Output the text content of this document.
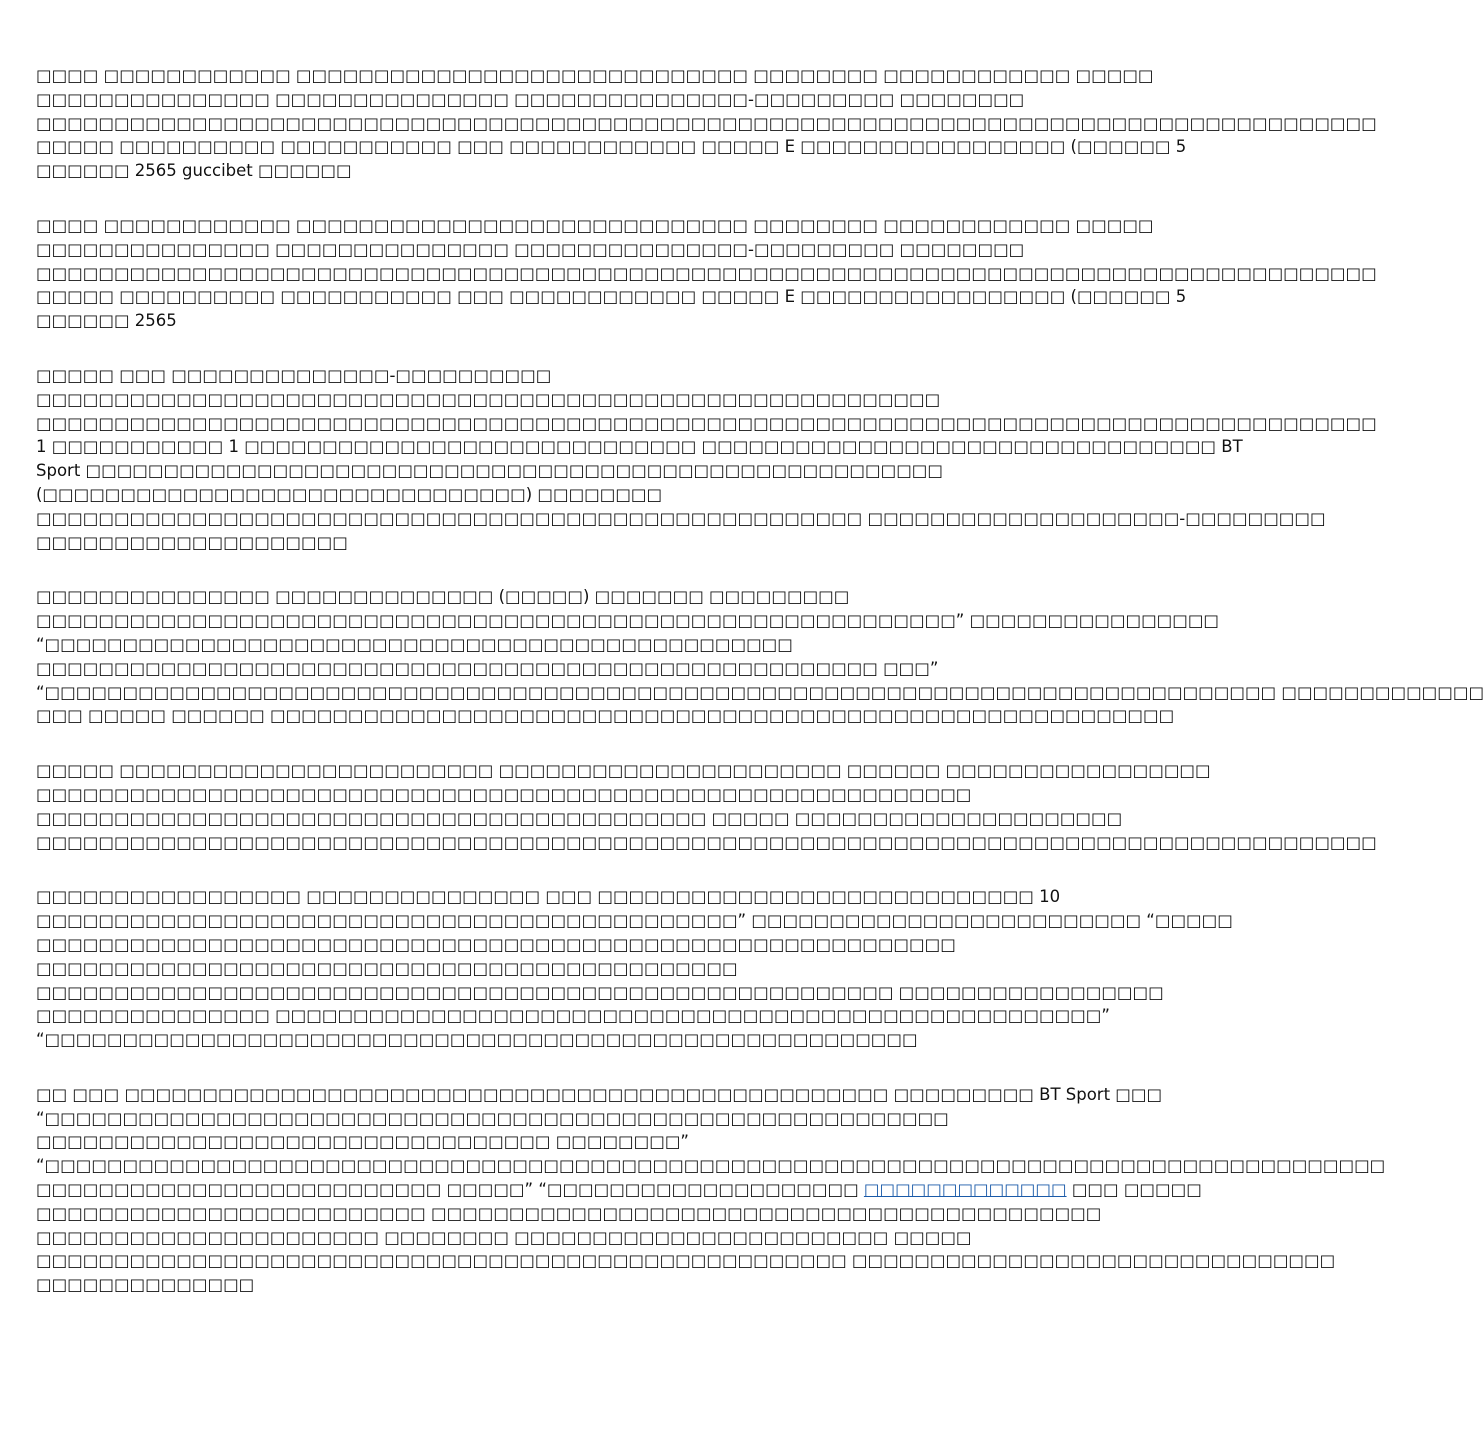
□□□□ □□□□□□□□□□□□ □□□□□□□□□□□□□□□□□□□□□□□□□□□□□ □□□□□□□□ □□□□□□□□□□□□ □□□□□
□□□□□□□□□□□□□□□ □□□□□□□□□□□□□□□ □□□□□□□□□□□□□□□-□□□□□□□□□ □□□□□□□□
□□□□□□□□□□□□□□□□□□□□□□□□□□□□□□□□□□□□□□□□□□□□□□□□□□□□□□□□□□□□□□□□□□□□□□□□□□□□□□□□□□□□□□
□□□□□ □□□□□□□□□□ □□□□□□□□□□□ □□□ □□□□□□□□□□□□ □□□□□ E □□□□□□□□□□□□□□□□□ (□□□□□□ 5
□□□□□□ 2565 guccibet □□□□□□

□□□□ □□□□□□□□□□□□ □□□□□□□□□□□□□□□□□□□□□□□□□□□□□ □□□□□□□□ □□□□□□□□□□□□ □□□□□
□□□□□□□□□□□□□□□ □□□□□□□□□□□□□□□ □□□□□□□□□□□□□□□-□□□□□□□□□ □□□□□□□□
□□□□□□□□□□□□□□□□□□□□□□□□□□□□□□□□□□□□□□□□□□□□□□□□□□□□□□□□□□□□□□□□□□□□□□□□□□□□□□□□□□□□□□
□□□□□ □□□□□□□□□□ □□□□□□□□□□□ □□□ □□□□□□□□□□□□ □□□□□ E □□□□□□□□□□□□□□□□□ (□□□□□□ 5
□□□□□□ 2565

□□□□□ □□□ □□□□□□□□□□□□□□-□□□□□□□□□□
□□□□□□□□□□□□□□□□□□□□□□□□□□□□□□□□□□□□□□□□□□□□□□□□□□□□□□□□□□
□□□□□□□□□□□□□□□□□□□□□□□□□□□□□□□□□□□□□□□□□□□□□□□□□□□□□□□□□□□□□□□□□□□□□□□□□□□□□□□□□□□□□□
1 □□□□□□□□□□□ 1 □□□□□□□□□□□□□□□□□□□□□□□□□□□□□ □□□□□□□□□□□□□□□□□□□□□□□□□□□□□□□□□ BT
Sport □□□□□□□□□□□□□□□□□□□□□□□□□□□□□□□□□□□□□□□□□□□□□□□□□□□□□□□
(□□□□□□□□□□□□□□□□□□□□□□□□□□□□□□□) □□□□□□□□
□□□□□□□□□□□□□□□□□□□□□□□□□□□□□□□□□□□□□□□□□□□□□□□□□□□□□ □□□□□□□□□□□□□□□□□□□□-□□□□□□□□□
□□□□□□□□□□□□□□□□□□□□

□□□□□□□□□□□□□□□ □□□□□□□□□□□□□□ (□□□□□) □□□□□□□ □□□□□□□□□
□□□□□□□□□□□□□□□□□□□□□□□□□□□□□□□□□□□□□□□□□□□□□□□□□□□□□□□□□□□” □□□□□□□□□□□□□□□□
“□□□□□□□□□□□□□□□□□□□□□□□□□□□□□□□□□□□□□□□□□□□□□□□□
□□□□□□□□□□□□□□□□□□□□□□□□□□□□□□□□□□□□□□□□□□□□□□□□□□□□□□ □□□”
“□□□□□□□□□□□□□□□□□□□□□□□□□□□□□□□□□□□□□□□□□□□□□□□□□□□□□□□□□□□□□□□□□□□□□□□□□□□□□□□ □□□□□□□□□□□□□
□□□ □□□□□ □□□□□□ □□□□□□□□□□□□□□□□□□□□□□□□□□□□□□□□□□□□□□□□□□□□□□□□□□□□□□□□□□

□□□□□ □□□□□□□□□□□□□□□□□□□□□□□□ □□□□□□□□□□□□□□□□□□□□□□ □□□□□□ □□□□□□□□□□□□□□□□□
□□□□□□□□□□□□□□□□□□□□□□□□□□□□□□□□□□□□□□□□□□□□□□□□□□□□□□□□□□□□
□□□□□□□□□□□□□□□□□□□□□□□□□□□□□□□□□□□□□□□□□□□ □□□□□ □□□□□□□□□□□□□□□□□□□□□
□□□□□□□□□□□□□□□□□□□□□□□□□□□□□□□□□□□□□□□□□□□□□□□□□□□□□□□□□□□□□□□□□□□□□□□□□□□□□□□□□□□□□□

□□□□□□□□□□□□□□□□□ □□□□□□□□□□□□□□□ □□□ □□□□□□□□□□□□□□□□□□□□□□□□□□□□ 10
□□□□□□□□□□□□□□□□□□□□□□□□□□□□□□□□□□□□□□□□□□□□□” □□□□□□□□□□□□□□□□□□□□□□□□□ “□□□□□
□□□□□□□□□□□□□□□□□□□□□□□□□□□□□□□□□□□□□□□□□□□□□□□□□□□□□□□□□□□
□□□□□□□□□□□□□□□□□□□□□□□□□□□□□□□□□□□□□□□□□□□□□
□□□□□□□□□□□□□□□□□□□□□□□□□□□□□□□□□□□□□□□□□□□□□□□□□□□□□□□ □□□□□□□□□□□□□□□□□
□□□□□□□□□□□□□□□ □□□□□□□□□□□□□□□□□□□□□□□□□□□□□□□□□□□□□□□□□□□□□□□□□□□□□”
“□□□□□□□□□□□□□□□□□□□□□□□□□□□□□□□□□□□□□□□□□□□□□□□□□□□□□□□□

□□ □□□ □□□□□□□□□□□□□□□□□□□□□□□□□□□□□□□□□□□□□□□□□□□□□□□□□ □□□□□□□□□ BT Sport □□□
“□□□□□□□□□□□□□□□□□□□□□□□□□□□□□□□□□□□□□□□□□□□□□□□□□□□□□□□□□□
□□□□□□□□□□□□□□□□□□□□□□□□□□□□□□□□□ □□□□□□□□”
“□□□□□□□□□□□□□□□□□□□□□□□□□□□□□□□□□□□□□□□□□□□□□□□□□□□□□□□□□□□□□□□□□□□□□□□□□□□□□□□□□□□□□□
□□□□□□□□□□□□□□□□□□□□□□□□□□ □□□□□” “□□□□□□□□□□□□□□□□□□□□ □□□□□□□□□□□□□ □□□ □□□□□
□□□□□□□□□□□□□□□□□□□□□□□□□ □□□□□□□□□□□□□□□□□□□□□□□□□□□□□□□□□□□□□□□□□□□
□□□□□□□□□□□□□□□□□□□□□□ □□□□□□□□ □□□□□□□□□□□□□□□□□□□□□□□□ □□□□□
□□□□□□□□□□□□□□□□□□□□□□□□□□□□□□□□□□□□□□□□□□□□□□□□□□□□ □□□□□□□□□□□□□□□□□□□□□□□□□□□□□□□
□□□□□□□□□□□□□□
